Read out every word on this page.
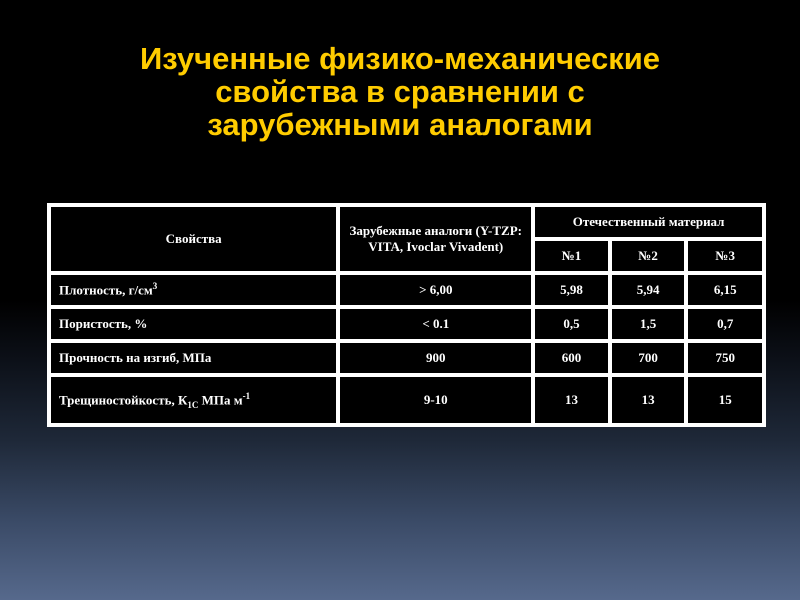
Изученные физико-механические
свойства в сравнении с
зарубежными аналогами
Свойства	Зарубежные аналоги (Y-TZP: VITA, Ivoclar Vivadent)	Отечественный материал		
		№1	№2	№3
Плотность, $г/см^3$	> 6,00	5,98	5,94	6,15
Пористость, %	< 0.1	0,5	1,5	0,7
Прочность на изгиб, МПа	900	600	700	750
Трещиностойкость, $К_{1C}$ МПа $м^{-1}$	9-10	13	13	15
